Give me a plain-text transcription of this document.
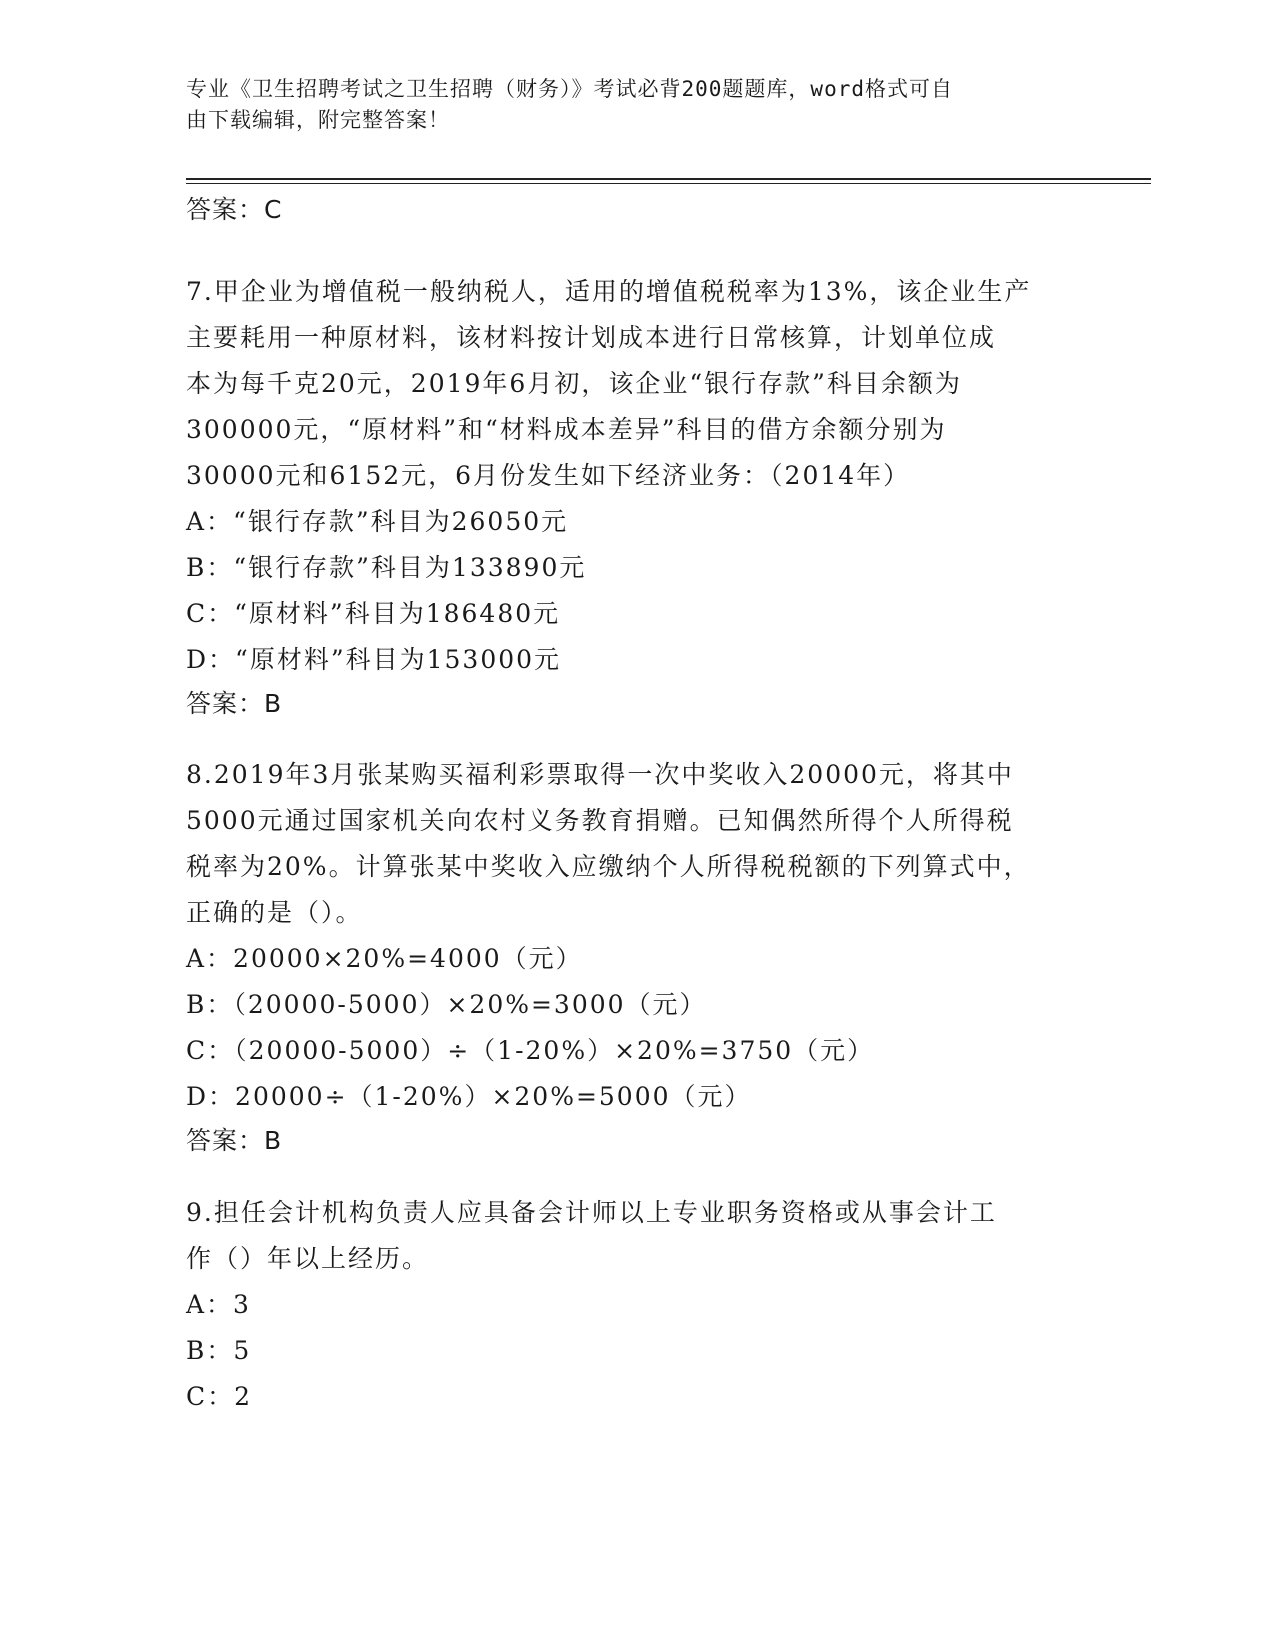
专业《卫生招聘考试之卫生招聘（财务）》考试必背200题题库，word格式可自
由下载编辑，附完整答案！
答案：C
7.甲企业为增值税一般纳税人，适用的增值税税率为13%，该企业生产
主要耗用一种原材料，该材料按计划成本进行日常核算，计划单位成
本为每千克20元，2019年6月初，该企业“银行存款”科目余额为
300000元，“原材料”和“材料成本差异”科目的借方余额分别为
30000元和6152元，6月份发生如下经济业务：（2014年）
A：“银行存款”科目为26050元
B：“银行存款”科目为133890元
C：“原材料”科目为186480元
D：“原材料”科目为153000元
答案：B
8.2019年3月张某购买福利彩票取得一次中奖收入20000元，将其中
5000元通过国家机关向农村义务教育捐赠。已知偶然所得个人所得税
税率为20%。计算张某中奖收入应缴纳个人所得税税额的下列算式中，
正确的是（）。
A：20000×20%=4000（元）
B：（20000-5000）×20%=3000（元）
C：（20000-5000）÷（1-20%）×20%=3750（元）
D：20000÷（1-20%）×20%=5000（元）
答案：B
9.担任会计机构负责人应具备会计师以上专业职务资格或从事会计工
作（）年以上经历。
A：3
B：5
C：2
